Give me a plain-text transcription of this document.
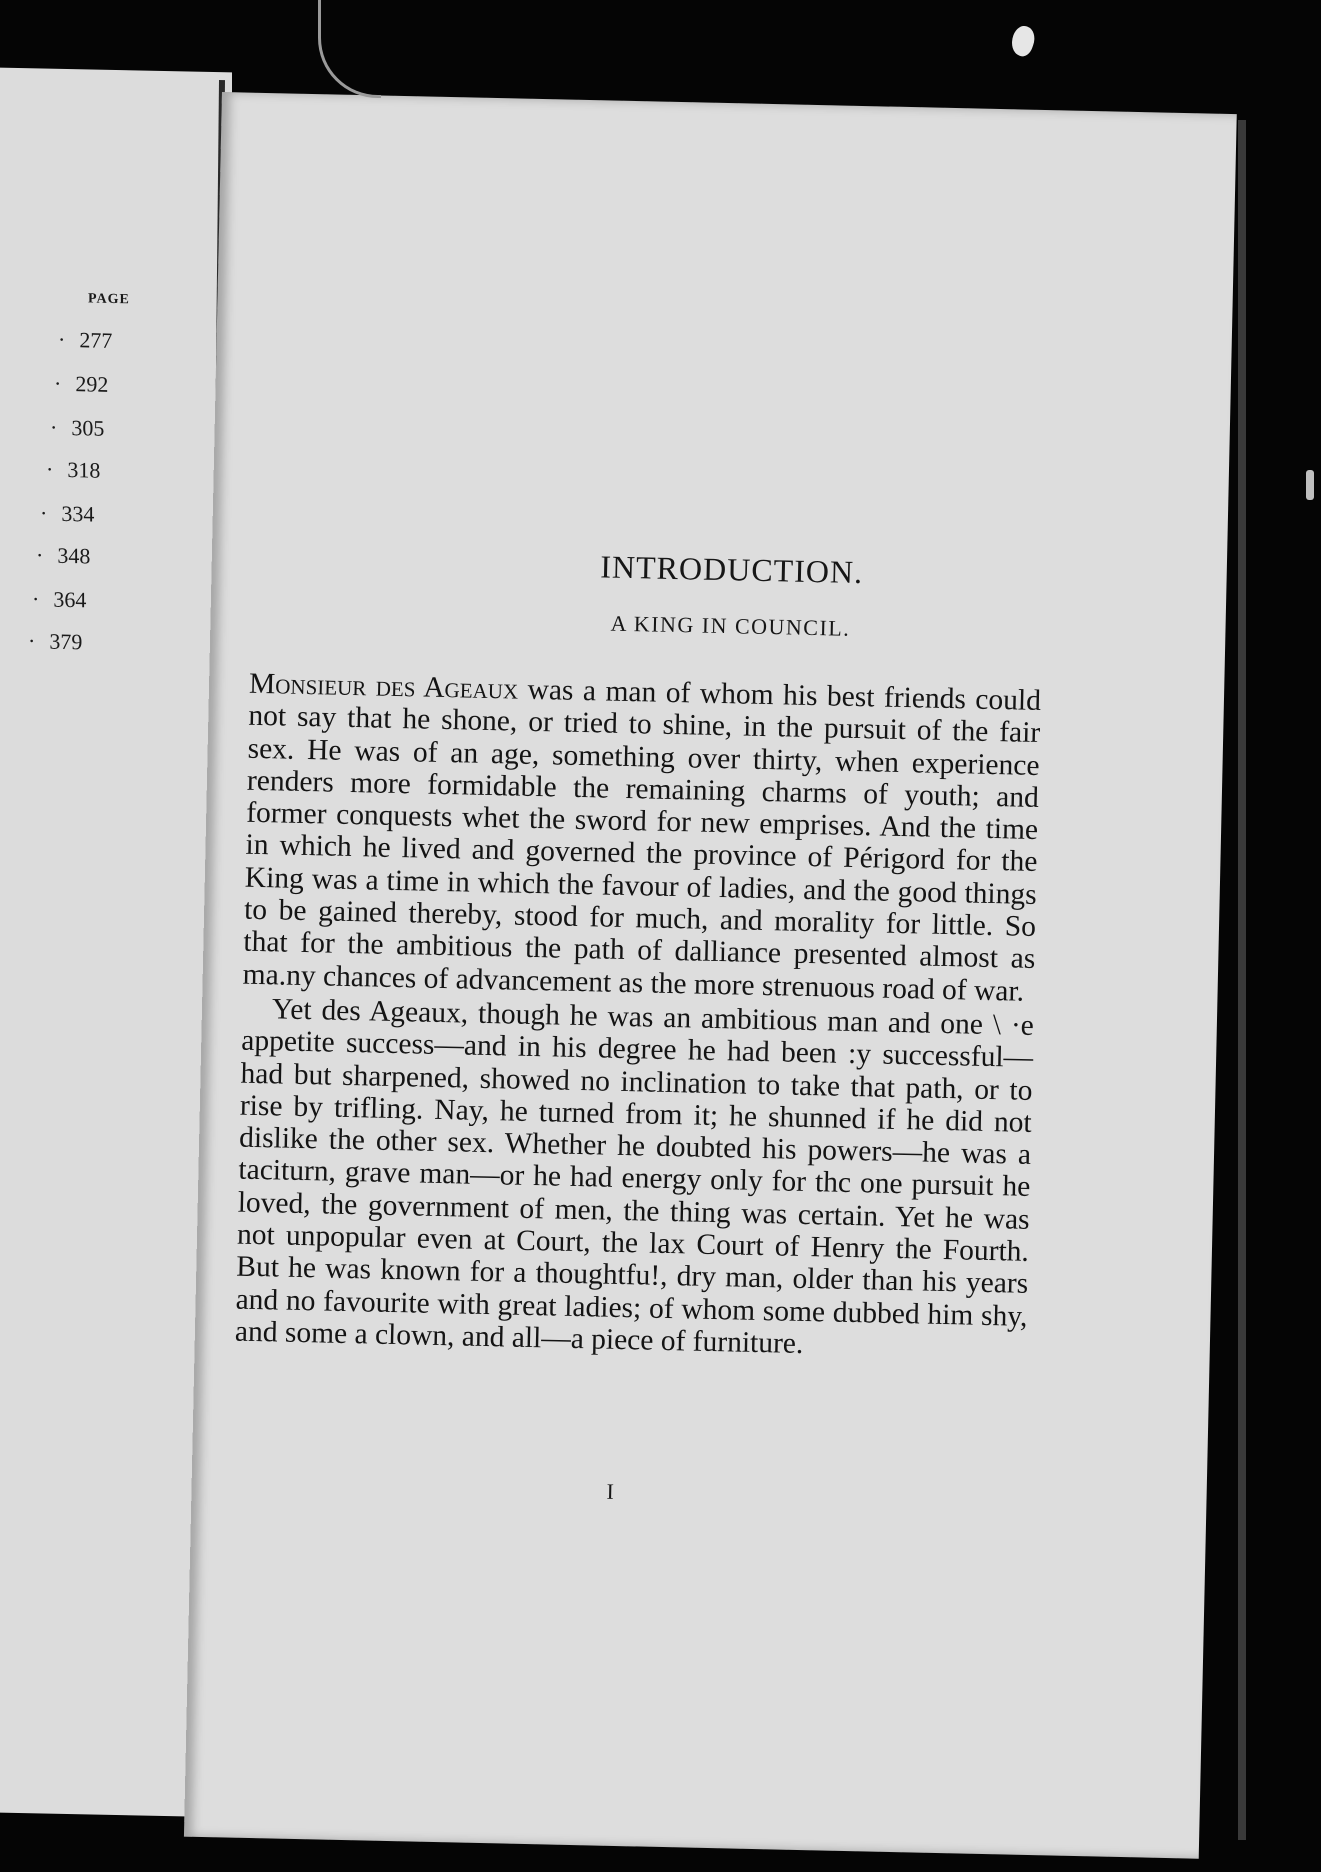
PAGE
· 277
· 292
· 305
· 318
· 334
· 348
· 364
· 379
INTRODUCTION.
A KING IN COUNCIL.

Monsieur des Ageaux was a man of whom his best friends could not say that he shone, or tried to shine, in the pursuit of the fair sex. He was of an age, something over thirty, when experience renders more formidable the remaining charms of youth; and former conquests whet the sword for new emprises. And the time in which he lived and governed the province of Périgord for the King was a time in which the favour of ladies, and the good things to be gained thereby, stood for much, and morality for little. So that for the ambitious the path of dalliance presented almost as ma.ny chances of advancement as the more strenuous road of war.

Yet des Ageaux, though he was an ambitious man and one \ ·e appetite success—and in his degree he had been :y successful—had but sharpened, showed no inclination to take that path, or to rise by trifling. Nay, he turned from it; he shunned if he did not dislike the other sex. Whether he doubted his powers—he was a taciturn, grave man—or he had energy only for thc one pursuit he loved, the government of men, the thing was certain. Yet he was not unpopular even at Court, the lax Court of Henry the Fourth. But he was known for a thoughtfu!, dry man, older than his years and no favourite with great ladies; of whom some dubbed him shy, and some a clown, and all—a piece of furniture.

I
